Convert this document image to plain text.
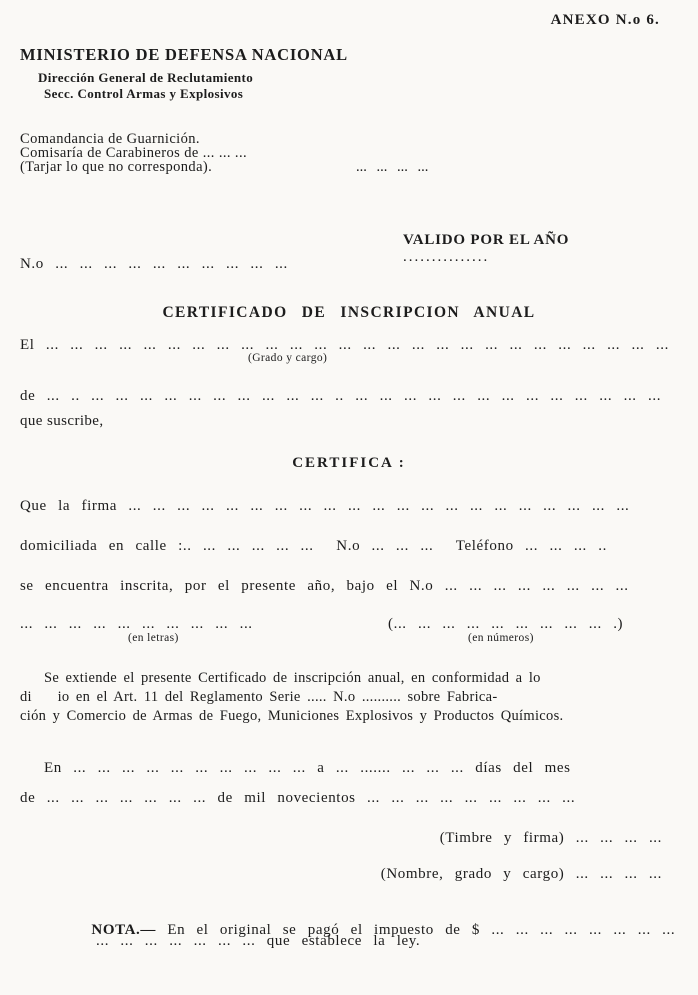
ANEXO N.o 6.
MINISTERIO DE DEFENSA NACIONAL
Dirección General de Reclutamiento
Secc. Control Armas y Explosivos
Comandancia de Guarnición.
Comisaría de Carabineros de ... ... ...
(Tarjar lo que no corresponda).	... ... ... ...

VALIDO POR EL AÑO
...............

N.o ... ... ... ... ... ... ... ... ... ...
CERTIFICADO DE INSCRIPCION ANUAL
El ... ... ... ... ... ... ... ... ... ... ... ... ... ... ... ... ... ... ... ... ... ... ... ... ... ...
(Grado y cargo)
de ... .. ... ... ... ... ... ... ... ... ... ... .. ... ... ... ... ... ... ... ... ... ... ... ... ...
que suscribe,
CERTIFICA :
Que la firma ... ... ... ... ... ... ... ... ... ... ... ... ... ... ... ... ... ... ... ... ...
domiciliada en calle :.. ... ... ... ... ...  N.o ... ... ...  Teléfono ... ... ... ..
se encuentra inscrita, por el presente año, bajo el N.o ... ... ... ... ... ... ... ...
... ... ... ... ... ... ... ... ... ...	(... ... ... ... ... ... ... ... ... .)
(en letras)	(en números)
Se extiende el presente Certificado de inscripción anual, en conformidad a lo
di    io en el Art. 11 del Reglamento Serie ..... N.o .......... sobre Fabrica-
ción y Comercio de Armas de Fuego, Municiones Explosivos y Productos Químicos.
En ... ... ... ... ... ... ... ... ... ... a ... ....... ... ... ... días del mes
de ... ... ... ... ... ... ... de mil novecientos ... ... ... ... ... ... ... ... ...
(Timbre y firma) ... ... ... ...
(Nombre, grado y cargo) ... ... ... ...

NOTA.— En el original se pagó el impuesto de $ ... ... ... ... ... ... ... ...

... ... ... ... ... ... ... que establece la ley.
